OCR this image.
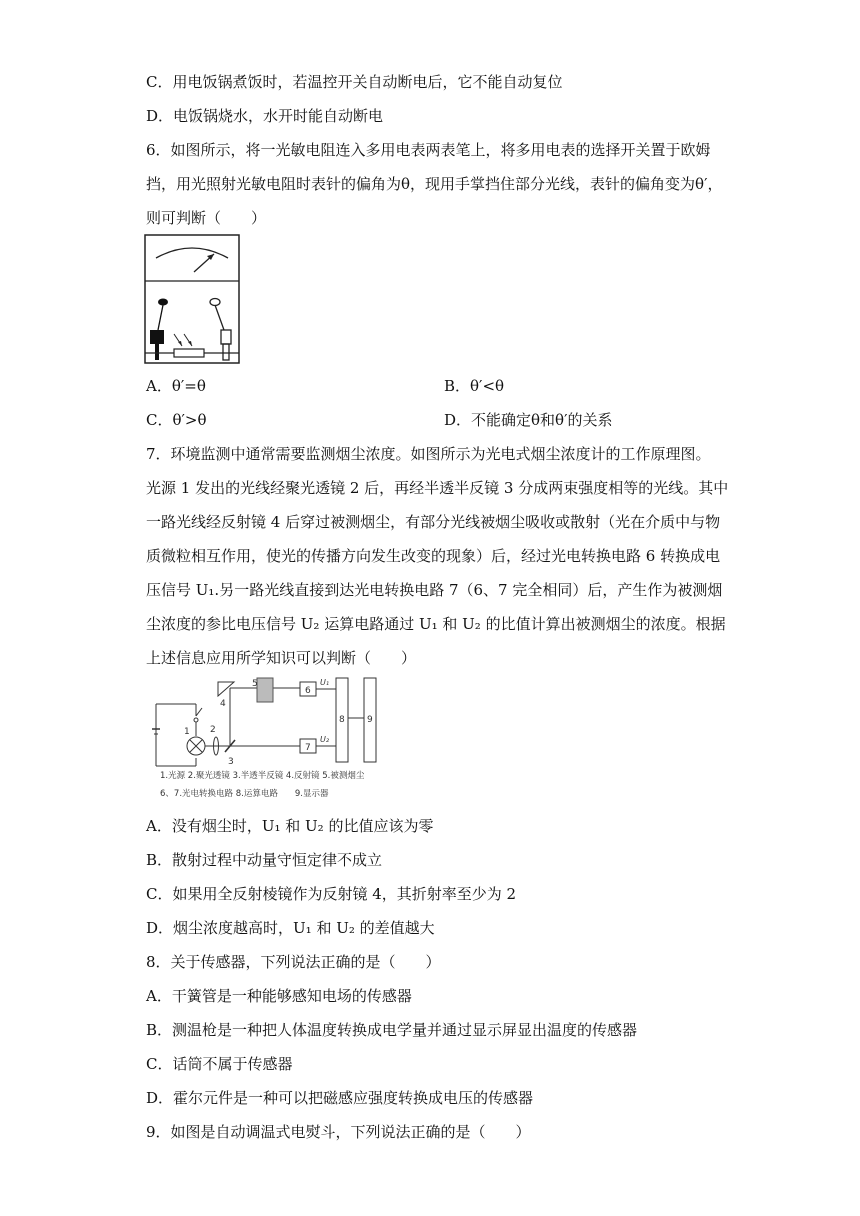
C．用电饭锅煮饭时，若温控开关自动断电后，它不能自动复位
D．电饭锅烧水，水开时能自动断电
6．如图所示，将一光敏电阻连入多用电表两表笔上，将多用电表的选择开关置于欧姆
挡，用光照射光敏电阻时表针的偏角为θ，现用手掌挡住部分光线，表针的偏角变为θ′，
则可判断（　　）
A．θ′=θ	B．θ′<θ
C．θ′>θ	D．不能确定θ和θ′的关系
7．环境监测中通常需要监测烟尘浓度。如图所示为光电式烟尘浓度计的工作原理图。
光源 1 发出的光线经聚光透镜 2 后，再经半透半反镜 3 分成两束强度相等的光线。其中
一路光线经反射镜 4 后穿过被测烟尘，有部分光线被烟尘吸收或散射（光在介质中与物
质微粒相互作用，使光的传播方向发生改变的现象）后，经过光电转换电路 6 转换成电
压信号 U₁.另一路光线直接到达光电转换电路 7（6、7 完全相同）后，产生作为被测烟
尘浓度的参比电压信号 U₂ 运算电路通过 U₁ 和 U₂ 的比值计算出被测烟尘的浓度。根据
上述信息应用所学知识可以判断（　　）
1 2
3
4
5
6
U₁
7
U₂
8 9
1.光源 2.聚光透镜 3.半透半反镜 4.反射镜 5.被测烟尘
6、7.光电转换电路 8.运算电路　　9.显示器
A．没有烟尘时，U₁ 和 U₂ 的比值应该为零
B．散射过程中动量守恒定律不成立
C．如果用全反射棱镜作为反射镜 4，其折射率至少为 2
D．烟尘浓度越高时，U₁ 和 U₂ 的差值越大
8．关于传感器，下列说法正确的是（　　）
A．干簧管是一种能够感知电场的传感器
B．测温枪是一种把人体温度转换成电学量并通过显示屏显出温度的传感器
C．话筒不属于传感器
D．霍尔元件是一种可以把磁感应强度转换成电压的传感器
9．如图是自动调温式电熨斗，下列说法正确的是（　　）
